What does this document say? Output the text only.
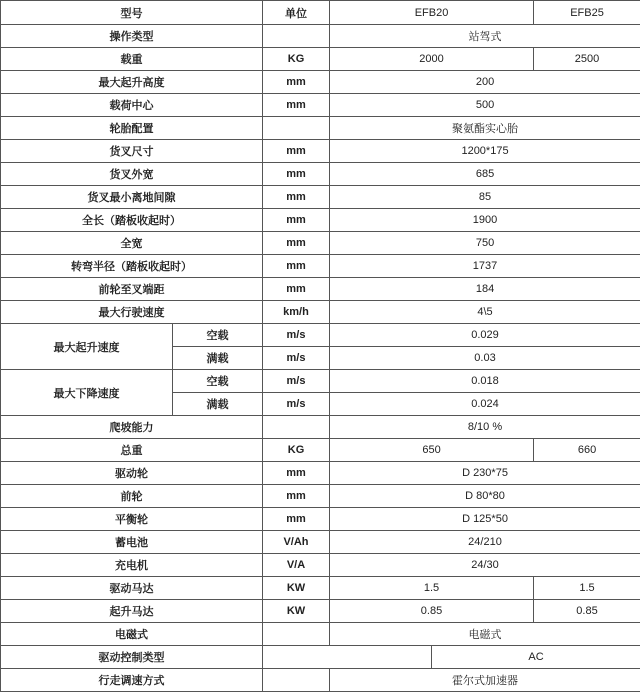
型号		单位	EFB20		EFB25	
操作类型			站驾式			
载重		KG	2000		2500	
最大起升高度		mm	200			
载荷中心		mm	500			
轮胎配置			聚氨酯实心胎			
货叉尺寸		mm	1200*175			
货叉外宽		mm	685			
货叉最小离地间隙		mm	85			
全长（踏板收起时）		mm	1900			
全宽		mm	750			
转弯半径（踏板收起时）		mm	1737			
前轮至叉端距		mm	184			
最大行驶速度		km/h	4\5			
最大起升速度	空载	m/s	0.029			
	满载	m/s	0.03			
最大下降速度	空载	m/s	0.018			
	满载	m/s	0.024			
爬坡能力			8/10 %			
总重		KG	650		660	
驱动轮		mm	D 230*75			
前轮		mm	D 80*80			
平衡轮		mm	D 125*50			
蓄电池		V/Ah	24/210			
充电机		V/A	24/30			
驱动马达		KW	1.5		1.5	
起升马达		KW	0.85		0.85	
电磁式			电磁式			
驱动控制类型				AC		
行走调速方式			霍尔式加速器			
